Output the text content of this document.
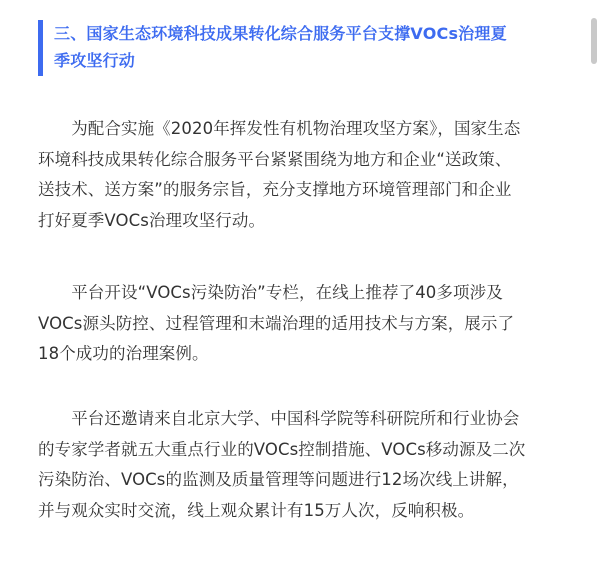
三、国家生态环境科技成果转化综合服务平台支撑VOCs治理夏
季攻坚行动
　　为配合实施《2020年挥发性有机物治理攻坚方案》，国家生态
环境科技成果转化综合服务平台紧紧围绕为地方和企业“送政策、
送技术、送方案”的服务宗旨，充分支撑地方环境管理部门和企业
打好夏季VOCs治理攻坚行动。
　　平台开设“VOCs污染防治”专栏，在线上推荐了40多项涉及
VOCs源头防控、过程管理和末端治理的适用技术与方案，展示了
18个成功的治理案例。
　　平台还邀请来自北京大学、中国科学院等科研院所和行业协会
的专家学者就五大重点行业的VOCs控制措施、VOCs移动源及二次
污染防治、VOCs的监测及质量管理等问题进行12场次线上讲解，
并与观众实时交流，线上观众累计有15万人次，反响积极。
